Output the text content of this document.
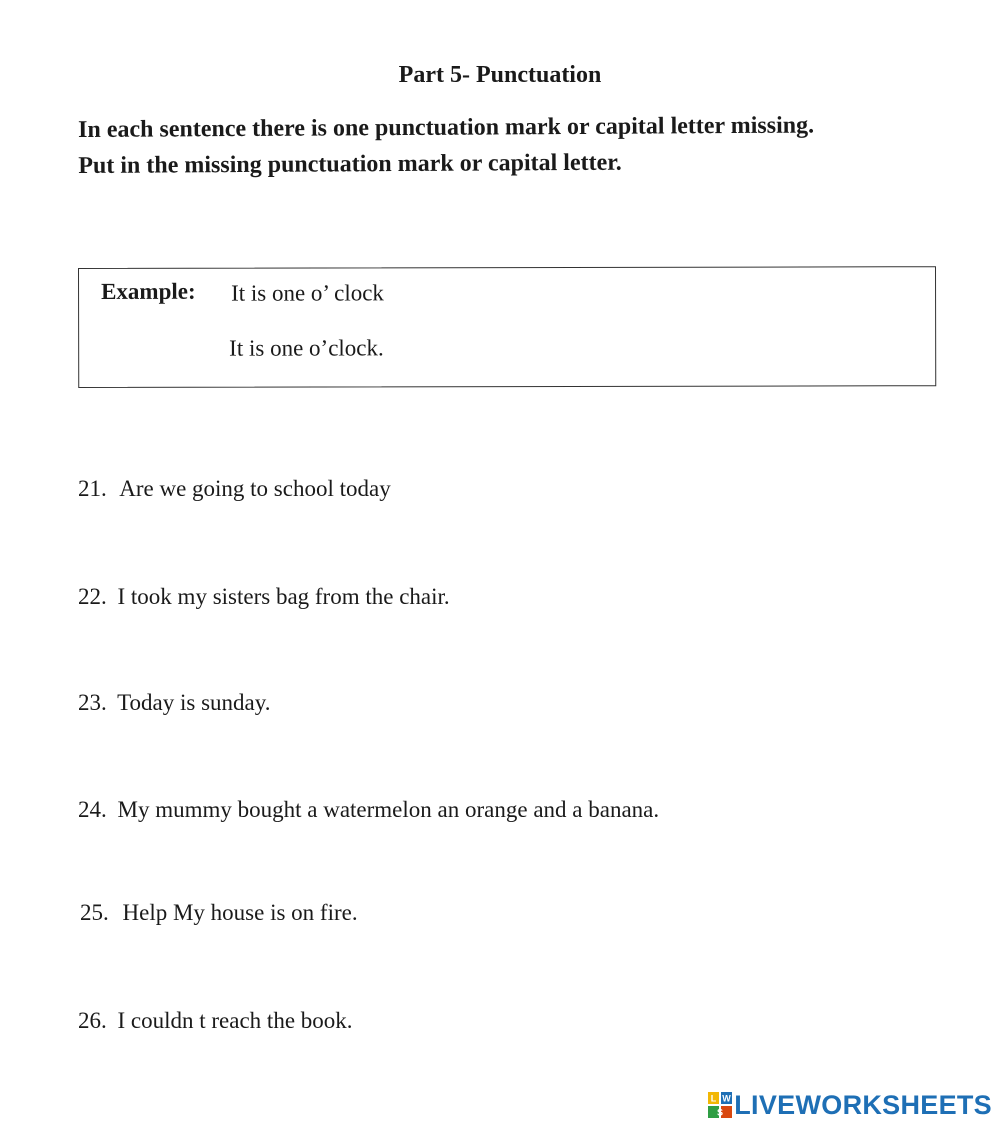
Part 5- Punctuation
In each sentence there is one punctuation mark or capital letter missing.
Put in the missing punctuation mark or capital letter.
Example: It is one o’ clock
It is one o’clock.
21. Are we going to school today
22. I took my sisters bag from the chair.
23. Today is sunday.
24. My mummy bought a watermelon an orange and a banana.
25. Help My house is on fire.
26. I couldn t reach the book.
L W
S LIVEWORKSHEETS
